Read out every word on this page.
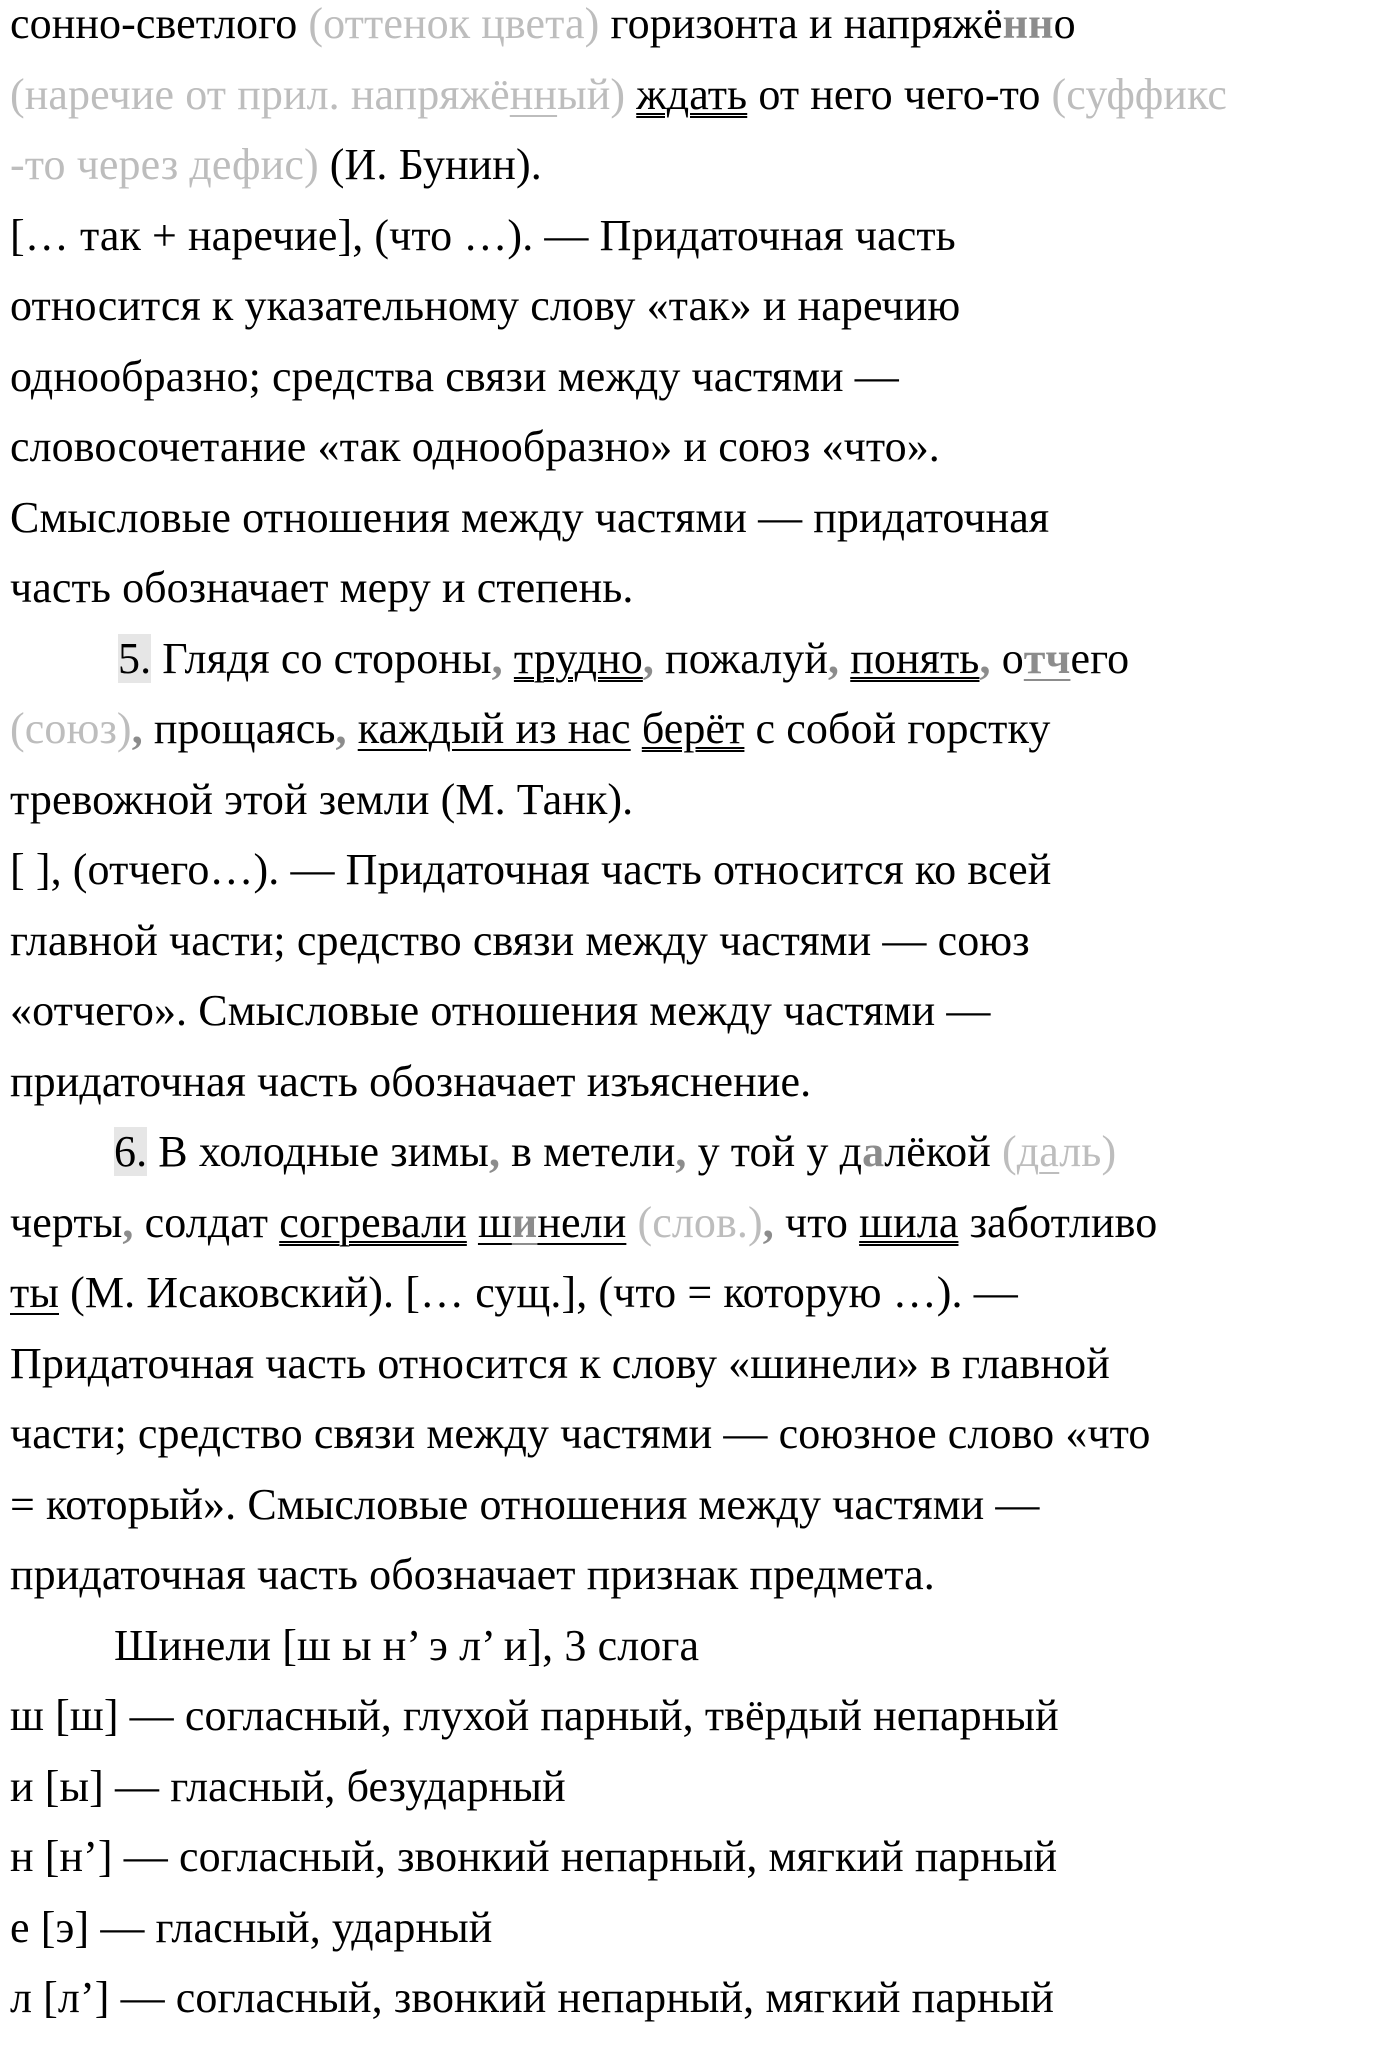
сонно-светлого (оттенок цвета) горизонта и напряжённо
(наречие от прил. напряжённый) ждать от него чего-то (суффикс
-то через дефис) (И. Бунин).
[… так + наречие], (что …). — Придаточная часть
относится к указательному слову «так» и наречию
однообразно; средства связи между частями —
словосочетание «так однообразно» и союз «что».
Смысловые отношения между частями — придаточная
часть обозначает меру и степень.
5. Глядя со стороны, трудно, пожалуй, понять, отчего
(союз), прощаясь, каждый из нас берёт с собой горстку
тревожной этой земли (М. Танк).
[ ], (отчего…). — Придаточная часть относится ко всей
главной части; средство связи между частями — союз
«отчего». Смысловые отношения между частями —
придаточная часть обозначает изъяснение.
6. В холодные зимы, в метели, у той у далёкой (даль)
черты, солдат согревали шинели (слов.), что шила заботливо
ты (М. Исаковский). [… сущ.], (что = которую …). —
Придаточная часть относится к слову «шинели» в главной
части; средство связи между частями — союзное слово «что
= который». Смысловые отношения между частями —
придаточная часть обозначает признак предмета.
Шинели [ш ы н’ э л’ и], 3 слога
ш [ш] — согласный, глухой парный, твёрдый непарный
и [ы] — гласный, безударный
н [н’] — согласный, звонкий непарный, мягкий парный
е [э] — гласный, ударный
л [л’] — согласный, звонкий непарный, мягкий парный
